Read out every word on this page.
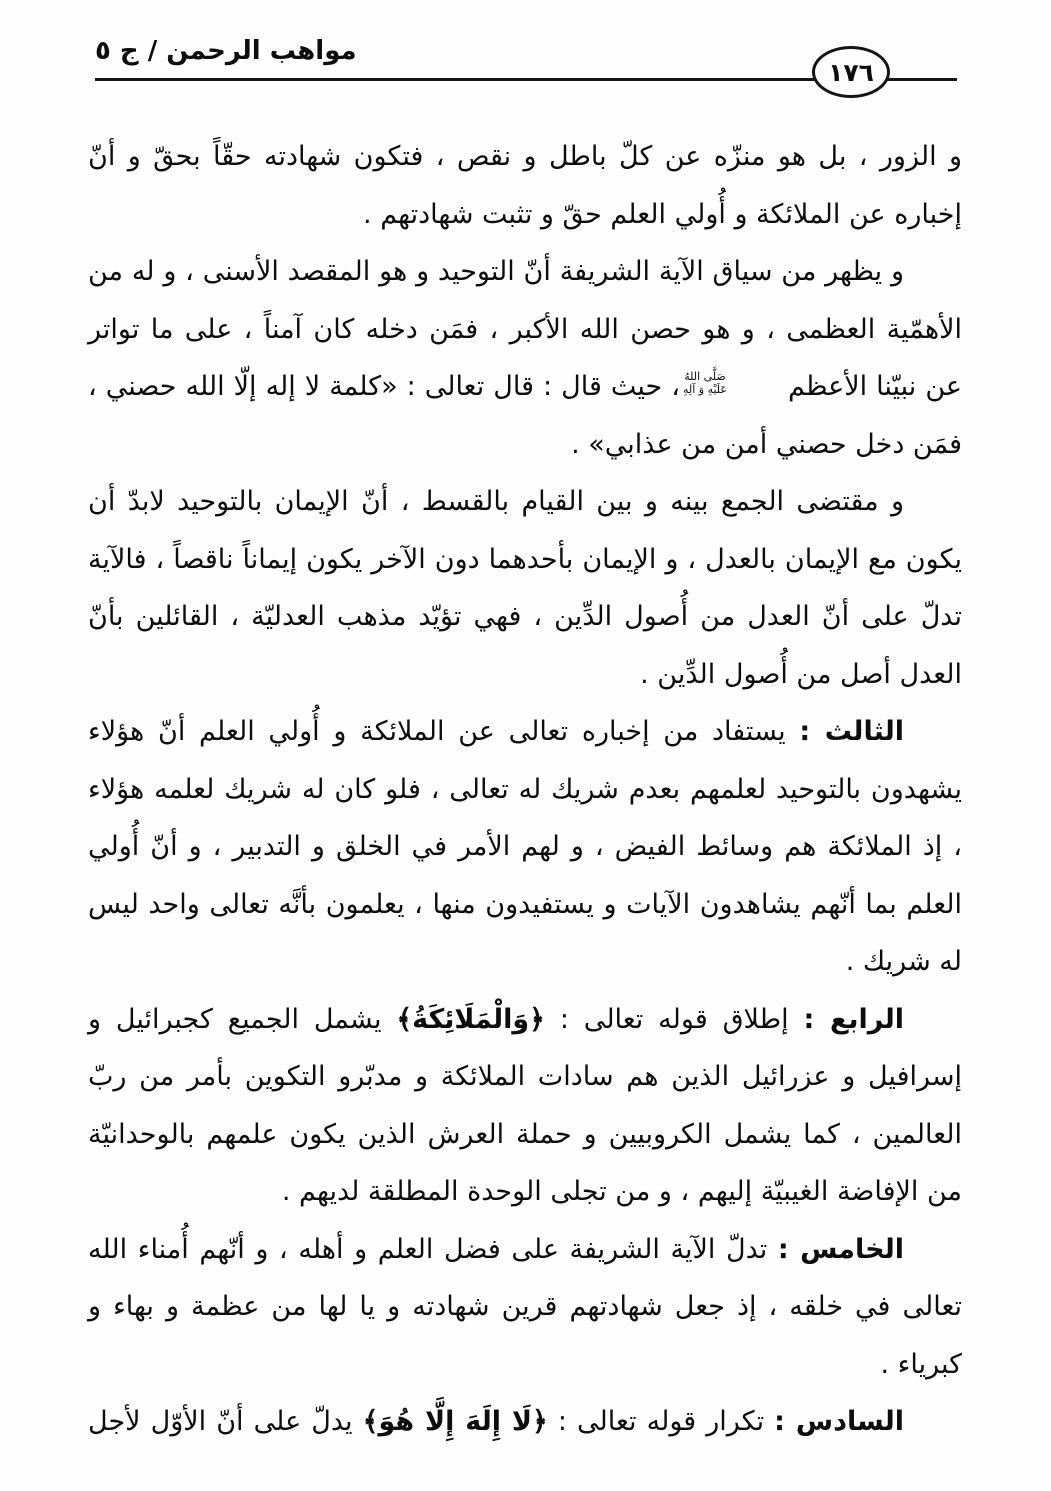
مواهب الرحمن / ج ٥
١٧٦

و الزور ، بل هو منزّه عن كلّ باطل و نقص ، فتكون شهادته حقّاً بحقّ و أنّ إخباره عن الملائكة و أُولي العلم حقّ و تثبت شهادتهم .

و يظهر من سياق الآية الشريفة أنّ التوحيد و هو المقصد الأسنى ، و له من الأهمّية العظمى ، و هو حصن الله الأكبر ، فمَن دخله كان آمناً ، على ما تواتر عن نبيّنا الأعظم
صَلَّى اللهُ
عَلَيْهِ وَ آلِهِ
، حيث قال : قال تعالى : «كلمة لا إله إلّا الله حصني ، فمَن دخل حصني أمن من عذابي» .

و مقتضى الجمع بينه و بين القيام بالقسط ، أنّ الإيمان بالتوحيد لابدّ أن يكون مع الإيمان بالعدل ، و الإيمان بأحدهما دون الآخر يكون إيماناً ناقصاً ، فالآية تدلّ على أنّ العدل من أُصول الدِّين ، فهي تؤيّد مذهب العدليّة ، القائلين بأنّ العدل أصل من أُصول الدِّين .

الثالث : يستفاد من إخباره تعالى عن الملائكة و أُولي العلم أنّ هؤلاء يشهدون بالتوحيد لعلمهم بعدم شريك له تعالى ، فلو كان له شريك لعلمه هؤلاء ، إذ الملائكة هم وسائط الفيض ، و لهم الأمر في الخلق و التدبير ، و أنّ أُولي العلم بما أنّهم يشاهدون الآيات و يستفيدون منها ، يعلمون بأنَّه تعالى واحد ليس له شريك .

الرابع : إطلاق قوله تعالى : ﴿وَالْمَلَائِكَةُ﴾ يشمل الجميع كجبرائيل و إسرافيل و عزرائيل الذين هم سادات الملائكة و مدبّرو التكوين بأمر من ربّ العالمين ، كما يشمل الكروبيين و حملة العرش الذين يكون علمهم بالوحدانيّة من الإفاضة الغيبيّة إليهم ، و من تجلى الوحدة المطلقة لديهم .

الخامس : تدلّ الآية الشريفة على فضل العلم و أهله ، و أنّهم أُمناء الله تعالى في خلقه ، إذ جعل شهادتهم قرين شهادته و يا لها من عظمة و بهاء و كبرياء .

السادس : تكرار قوله تعالى : ﴿لَا إِلَهَ إِلَّا هُوَ﴾ يدلّ على أنّ الأوّل لأجل
